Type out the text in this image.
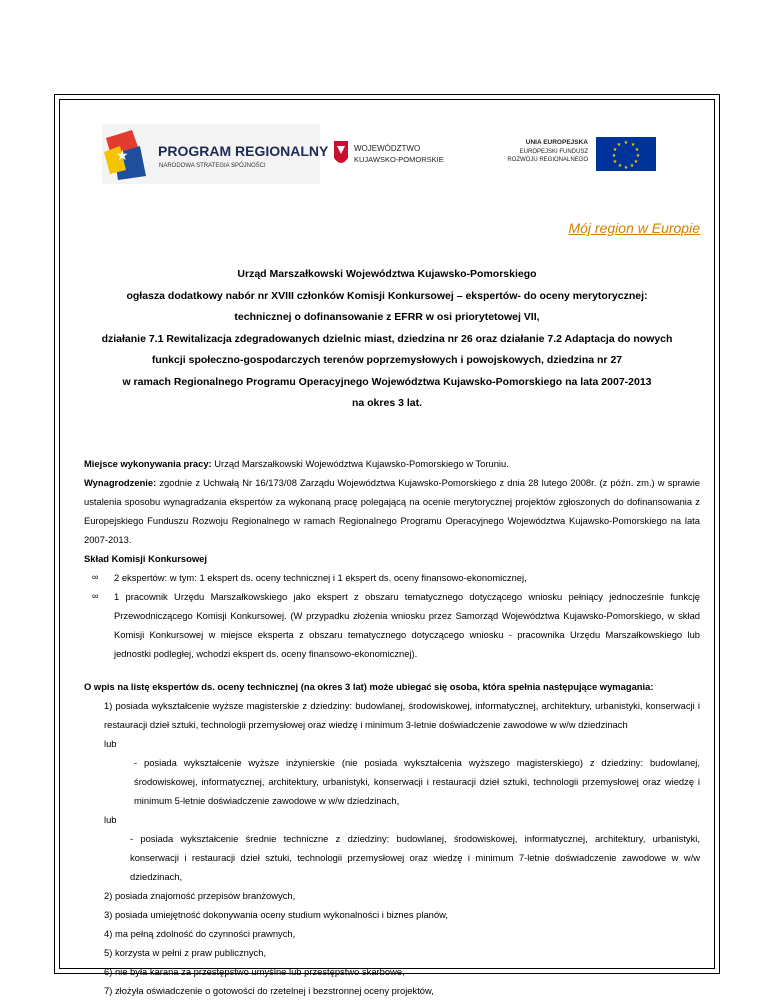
★ PROGRAM REGIONALNY
NARODOWA STRATEGIA SPÓJNOŚCI
WOJEWÓDZTWO
KUJAWSKO-POMORSKIE
UNIA EUROPEJSKA
EUROPEJSKI FUNDUSZ
ROZWOJU REGIONALNEGO
★ ★
★
★
★
★
★
★
★
★
★
★
Mój region w Europie
Urząd Marszałkowski Województwa Kujawsko-Pomorskiego
ogłasza dodatkowy nabór nr XVIII członków Komisji Konkursowej – ekspertów- do oceny merytorycznej:
technicznej o dofinansowanie z EFRR w osi priorytetowej VII,
działanie 7.1 Rewitalizacja zdegradowanych dzielnic miast, dziedzina nr 26 oraz działanie 7.2 Adaptacja do nowych
funkcji społeczno-gospodarczych terenów poprzemysłowych i powojskowych, dziedzina nr 27
w ramach Regionalnego Programu Operacyjnego Województwa Kujawsko-Pomorskiego na lata 2007-2013
na okres 3 lat.

Miejsce wykonywania pracy: Urząd Marszałkowski Województwa Kujawsko-Pomorskiego w Toruniu.

Wynagrodzenie: zgodnie z Uchwałą Nr 16/173/08 Zarządu Województwa Kujawsko-Pomorskiego z dnia 28 lutego 2008r. (z późn. zm.) w sprawie ustalenia sposobu wynagradzania ekspertów za wykonaną pracę polegającą na ocenie merytorycznej projektów zgłoszonych do dofinansowania z Europejskiego Funduszu Rozwoju Regionalnego w ramach Regionalnego Programu Operacyjnego Województwa Kujawsko-Pomorskiego na lata 2007-2013.

Skład Komisji Konkursowej

∞	2 ekspertów: w tym: 1 ekspert ds. oceny technicznej i 1 ekspert ds. oceny finansowo-ekonomicznej,
∞	1 pracownik Urzędu Marszałkowskiego jako ekspert z obszaru tematycznego dotyczącego wniosku pełniący jednocześnie funkcję Przewodniczącego Komisji Konkursowej. (W przypadku złożenia wniosku przez Samorząd Województwa Kujawsko-Pomorskiego, w skład Komisji Konkursowej w miejsce eksperta z obszaru tematycznego dotyczącego wniosku - pracownika Urzędu Marszałkowskiego lub jednostki podległej, wchodzi ekspert ds. oceny finansowo-ekonomicznej).

O wpis na listę ekspertów ds. oceny technicznej (na okres 3 lat) może ubiegać się osoba, która spełnia następujące wymagania:

1) posiada wykształcenie wyższe magisterskie z dziedziny: budowlanej, środowiskowej, informatycznej, architektury, urbanistyki, konserwacji i restauracji dzieł sztuki, technologii przemysłowej oraz wiedzę i minimum 3-letnie doświadczenie zawodowe w w/w dziedzinach

lub

- posiada wykształcenie wyższe inżynierskie (nie posiada wykształcenia wyższego magisterskiego) z dziedziny: budowlanej, środowiskowej, informatycznej, architektury, urbanistyki, konserwacji i restauracji dzieł sztuki, technologii przemysłowej oraz wiedzę i minimum 5-letnie doświadczenie zawodowe w w/w dziedzinach,

lub

- posiada wykształcenie średnie techniczne z dziedziny: budowlanej, środowiskowej, informatycznej, architektury, urbanistyki, konserwacji i restauracji dzieł sztuki, technologii przemysłowej oraz wiedzę i minimum 7-letnie doświadczenie zawodowe w w/w dziedzinach,

2) posiada znajomość przepisów branżowych,

3) posiada umiejętność dokonywania oceny studium wykonalności i biznes planów,

4) ma pełną zdolność do czynności prawnych,

5) korzysta w pełni z praw publicznych,

6) nie była karana za przestępstwo umyślne lub przestępstwo skarbowe,

7) złożyła oświadczenie o gotowości do rzetelnej i bezstronnej oceny projektów,
